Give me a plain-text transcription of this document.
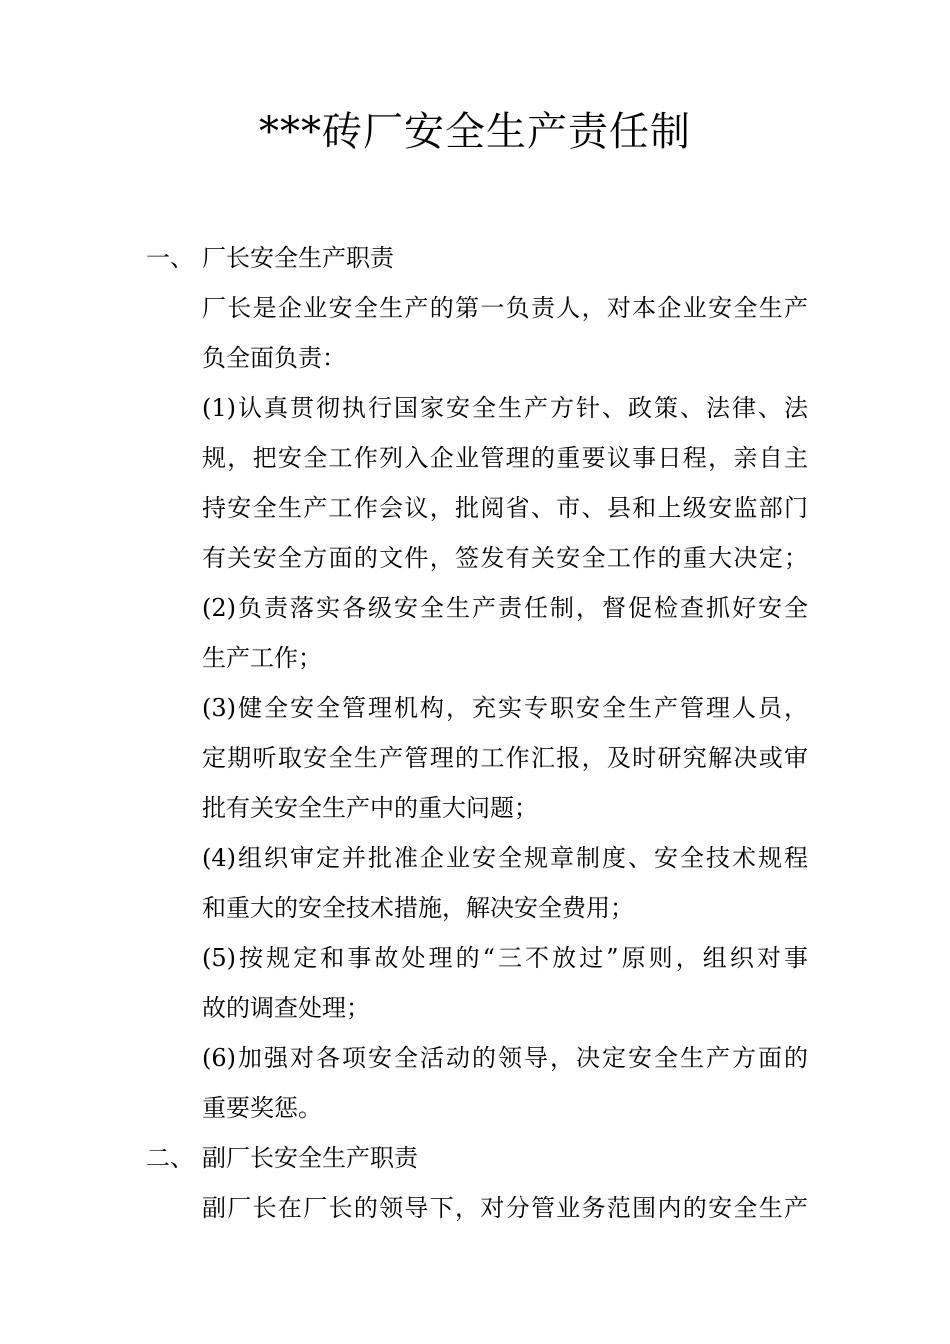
***砖厂安全生产责任制
一、 厂长安全生产职责
厂长是企业安全生产的第一负责人，对本企业安全生产
负全面负责：
(1)认真贯彻执行国家安全生产方针、政策、法律、法
规，把安全工作列入企业管理的重要议事日程，亲自主
持安全生产工作会议，批阅省、市、县和上级安监部门
有关安全方面的文件，签发有关安全工作的重大决定；
(2)负责落实各级安全生产责任制，督促检查抓好安全
生产工作；
(3)健全安全管理机构，充实专职安全生产管理人员，
定期听取安全生产管理的工作汇报，及时研究解决或审
批有关安全生产中的重大问题；
(4)组织审定并批准企业安全规章制度、安全技术规程
和重大的安全技术措施，解决安全费用；
(5)按规定和事故处理的“三不放过”原则，组织对事
故的调查处理；
(6)加强对各项安全活动的领导，决定安全生产方面的
重要奖惩。
二、 副厂长安全生产职责
副厂长在厂长的领导下，对分管业务范围内的安全生产
